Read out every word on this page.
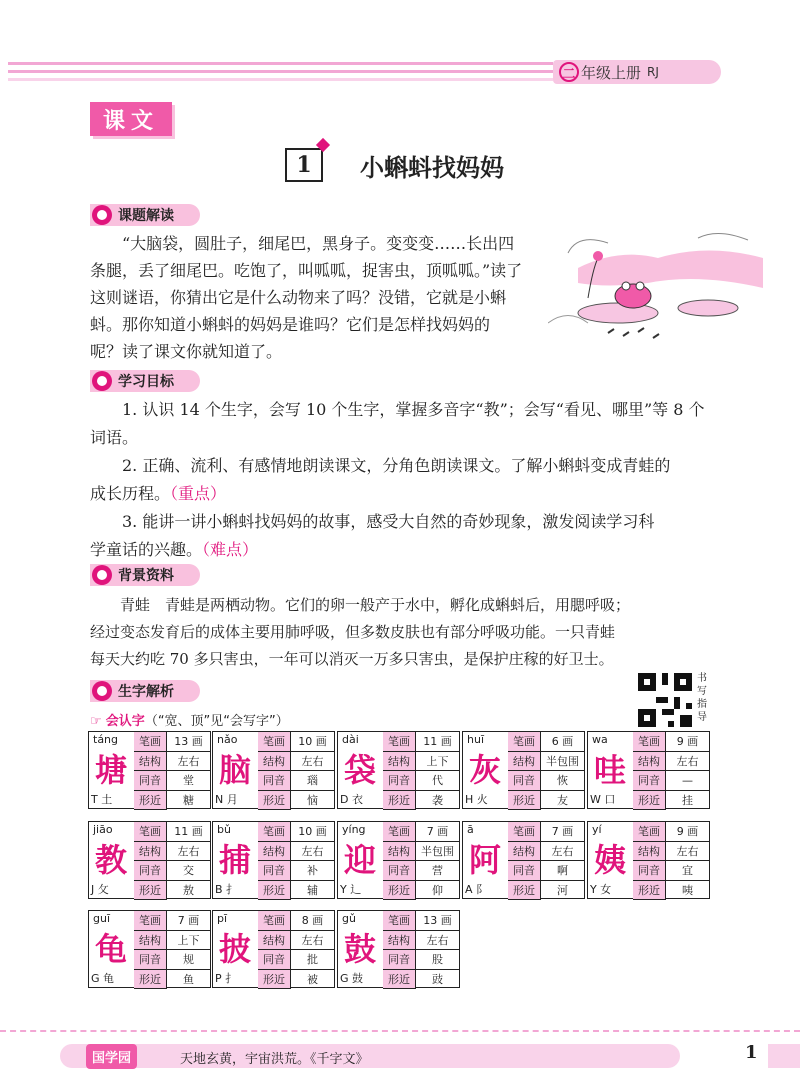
二 年级上册 RJ
课文
1	小蝌蚪找妈妈
课题解读
“大脑袋，圆肚子，细尾巴，黑身子。变变变……长出四
条腿，丢了细尾巴。吃饱了，叫呱呱，捉害虫，顶呱呱。”读了
这则谜语，你猜出它是什么动物来了吗？没错，它就是小蝌
蚪。那你知道小蝌蚪的妈妈是谁吗？它们是怎样找妈妈的
呢？读了课文你就知道了。
学习目标
1. 认识 14 个生字，会写 10 个生字，掌握多音字“教”；会写“看见、哪里”等 8 个
词语。
2. 正确、流利、有感情地朗读课文，分角色朗读课文。了解小蝌蚪变成青蛙的
成长历程。（重点）
3. 能讲一讲小蝌蚪找妈妈的故事，感受大自然的奇妙现象，激发阅读学习科
学童话的兴趣。（难点）
背景资料
青蛙　青蛙是两栖动物。它们的卵一般产于水中，孵化成蝌蚪后，用腮呼吸；
经过变态发育后的成体主要用肺呼吸，但多数皮肤也有部分呼吸功能。一只青蛙
每天大约吃 70 多只害虫，一年可以消灭一万多只害虫，是保护庄稼的好卫士。
生字解析
书写指导
☞ 会认字（“宽、顶”见“会写字”）
táng
塘
T 土
笔画	13 画
结构	左右
同音	堂
形近	糖
nǎo
脑
N 月
笔画	10 画
结构	左右
同音	瑙
形近	恼
dài
袋
D 衣
笔画	11 画
结构	上下
同音	代
形近	袭
huī
灰
H 火
笔画	6 画
结构	半包围
同音	恢
形近	友
wa
哇
W 口
笔画	9 画
结构	左右
同音	—
形近	挂
jiāo
教
J 攵
笔画	11 画
结构	左右
同音	交
形近	敖
bǔ
捕
B 扌
笔画	10 画
结构	左右
同音	补
形近	辅
yíng
迎
Y 辶
笔画	7 画
结构	半包围
同音	营
形近	仰
ā
阿
A 阝
笔画	7 画
结构	左右
同音	啊
形近	河
yí
姨
Y 女
笔画	9 画
结构	左右
同音	宜
形近	咦
guī
龟
G 龟
笔画	7 画
结构	上下
同音	规
形近	鱼
pī
披
P 扌
笔画	8 画
结构	左右
同音	批
形近	被
gǔ
鼓
G 鼓
笔画	13 画
结构	左右
同音	股
形近	豉
国学园	天地玄黄，宇宙洪荒。《千字文》	1
